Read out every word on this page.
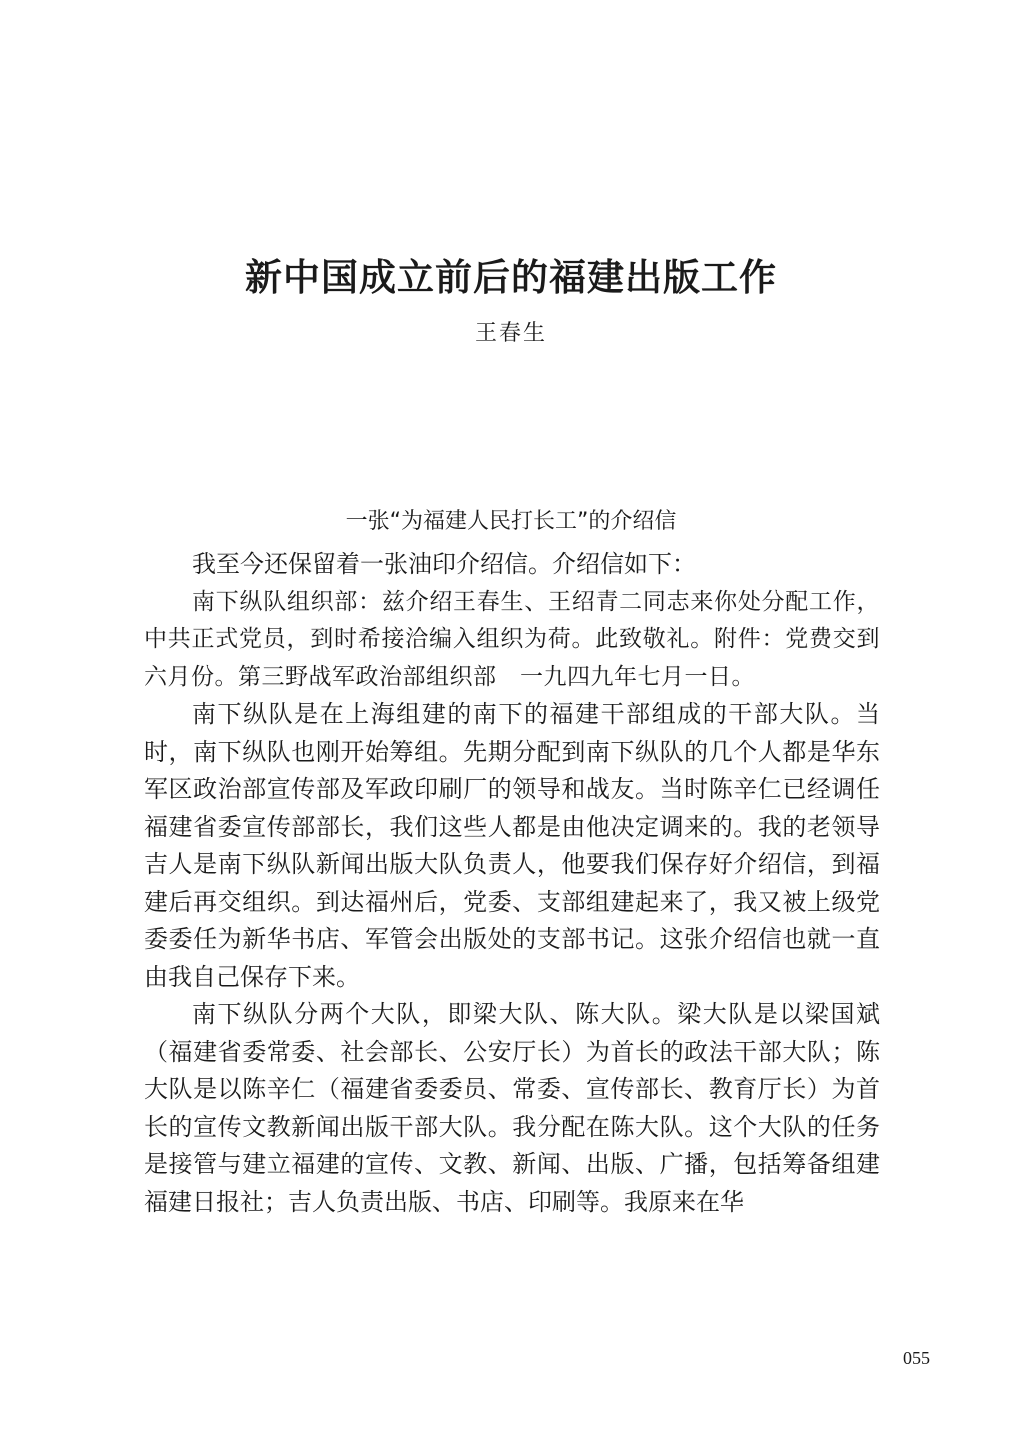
新中国成立前后的福建出版工作
王春生
一张“为福建人民打长工”的介绍信

我至今还保留着一张油印介绍信。介绍信如下：

南下纵队组织部：兹介绍王春生、王绍青二同志来你处分配工作，中共正式党员，到时希接洽编入组织为荷。此致敬礼。附件：党费交到六月份。第三野战军政治部组织部　一九四九年七月一日。

南下纵队是在上海组建的南下的福建干部组成的干部大队。当时，南下纵队也刚开始筹组。先期分配到南下纵队的几个人都是华东军区政治部宣传部及军政印刷厂的领导和战友。当时陈辛仁已经调任福建省委宣传部部长，我们这些人都是由他决定调来的。我的老领导吉人是南下纵队新闻出版大队负责人，他要我们保存好介绍信，到福建后再交组织。到达福州后，党委、支部组建起来了，我又被上级党委委任为新华书店、军管会出版处的支部书记。这张介绍信也就一直由我自己保存下来。

南下纵队分两个大队，即梁大队、陈大队。梁大队是以梁国斌（福建省委常委、社会部长、公安厅长）为首长的政法干部大队；陈大队是以陈辛仁（福建省委委员、常委、宣传部长、教育厅长）为首长的宣传文教新闻出版干部大队。我分配在陈大队。这个大队的任务是接管与建立福建的宣传、文教、新闻、出版、广播，包括筹备组建福建日报社；吉人负责出版、书店、印刷等。我原来在华

055
